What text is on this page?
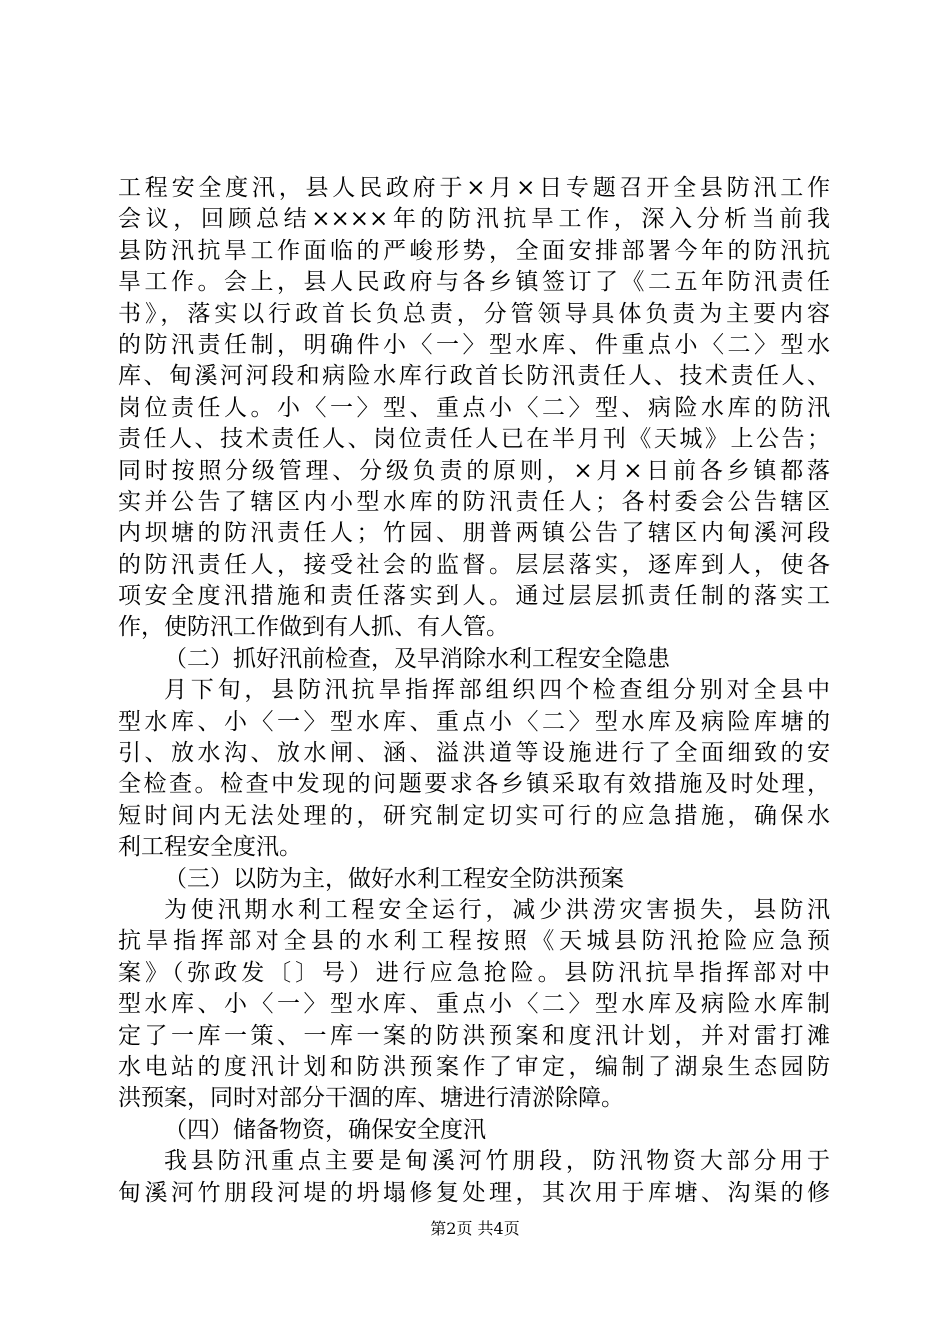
工程安全度汛，县人民政府于×月×日专题召开全县防汛工作
会议，回顾总结××××年的防汛抗旱工作，深入分析当前我
县防汛抗旱工作面临的严峻形势，全面安排部署今年的防汛抗
旱工作。会上，县人民政府与各乡镇签订了《二五年防汛责任
书》，落实以行政首长负总责，分管领导具体负责为主要内容
的防汛责任制，明确件小〈一〉型水库、件重点小〈二〉型水
库、甸溪河河段和病险水库行政首长防汛责任人、技术责任人、
岗位责任人。小〈一〉型、重点小〈二〉型、病险水库的防汛
责任人、技术责任人、岗位责任人已在半月刊《天城》上公告；
同时按照分级管理、分级负责的原则，×月×日前各乡镇都落
实并公告了辖区内小型水库的防汛责任人；各村委会公告辖区
内坝塘的防汛责任人；竹园、朋普两镇公告了辖区内甸溪河段
的防汛责任人，接受社会的监督。层层落实，逐库到人，使各
项安全度汛措施和责任落实到人。通过层层抓责任制的落实工
作，使防汛工作做到有人抓、有人管。
（二）抓好汛前检查，及早消除水利工程安全隐患
月下旬，县防汛抗旱指挥部组织四个检查组分别对全县中
型水库、小〈一〉型水库、重点小〈二〉型水库及病险库塘的
引、放水沟、放水闸、涵、溢洪道等设施进行了全面细致的安
全检查。检查中发现的问题要求各乡镇采取有效措施及时处理，
短时间内无法处理的，研究制定切实可行的应急措施，确保水
利工程安全度汛。
（三）以防为主，做好水利工程安全防洪预案
为使汛期水利工程安全运行，减少洪涝灾害损失，县防汛
抗旱指挥部对全县的水利工程按照《天城县防汛抢险应急预
案》（弥政发〔〕号）进行应急抢险。县防汛抗旱指挥部对中
型水库、小〈一〉型水库、重点小〈二〉型水库及病险水库制
定了一库一策、一库一案的防洪预案和度汛计划，并对雷打滩
水电站的度汛计划和防洪预案作了审定，编制了湖泉生态园防
洪预案，同时对部分干涸的库、塘进行清淤除障。
（四）储备物资，确保安全度汛
我县防汛重点主要是甸溪河竹朋段，防汛物资大部分用于
甸溪河竹朋段河堤的坍塌修复处理，其次用于库塘、沟渠的修
第2页 共4页
